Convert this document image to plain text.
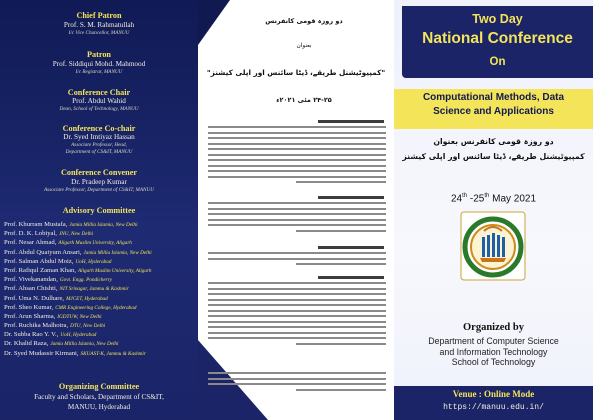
Chief Patron
Prof. S. M. Rahmatullah
I/c Vice Chancellor, MANUU
Patron
Prof. Siddiqui Mohd. Mahmood
I/c Registrar, MANUU
Conference Chair
Prof. Abdul Wahid
Dean, School of Technology, MANUU
Conference Co-chair
Dr. Syed Imtiyaz Hassan
Associate Professor, Head,
Department of CS&IT, MANUU
Conference Convener
Dr. Pradeep Kumar
Associate Professor, Department of CS&IT, MANUU
Advisory Committee
Prof. Khurram Mustafa, Jamia Millia Islamia, New Delhi
Prof. D. K. Lobiyal, JNU, New Delhi
Prof. Nesar Ahmad, Aligarh Muslim University, Aligarh
Prof. Abdul Quaiyum Ansari, Jamia Millia Islamia, New Delhi
Prof. Salman Abdul Moiz, UoH, Hyderabad
Prof. Rafiqul Zaman Khan, Aligarh Muslim University, Aligarh
Prof. Vivekanandan, Govt. Engg. Pondicherry
Prof. Ahsan Chishti, NIT Srinagar, Jammu & Kashmir
Prof. Uma N. Dulhare, MJCET, Hyderabad
Prof. Sheo Kumar, CMR Engineering College, Hyderabad
Prof. Arun Sharma, IGDTUW, New Delhi
Prof. Ruchika Malhotra, DTU, New Delhi
Dr. Subba Rao Y. V., UoH, Hyderabad
Dr. Khalid Raza, Jamia Millia Islamia, New Delhi
Dr. Syed Mudassir Kirmani, SKUAST-K, Jammu & Kashmir
Organizing Committee
Faculty and Scholars, Department of CS&IT,
MANUU, Hyderabad
دو روزہ قومی کانفرنس
بعنوان
"کمپیوٹیشنل طریقے، ڈیٹا سائنس اور اپلی کیشنز"
۲۴-۲۵ مئی ۲۰۲۱ء
Two Day
National Conference
On
Computational Methods, Data
Science and Applications
دو روزہ قومی کانفرنس بعنوان
کمپیوٹیشنل طریقے، ڈیٹا سائنس اور اپلی کیشنز
24th -25th May 2021
Organized by
Department of Computer Science
and Information Technology
School of Technology
Venue : Online Mode
https://manuu.edu.in/
